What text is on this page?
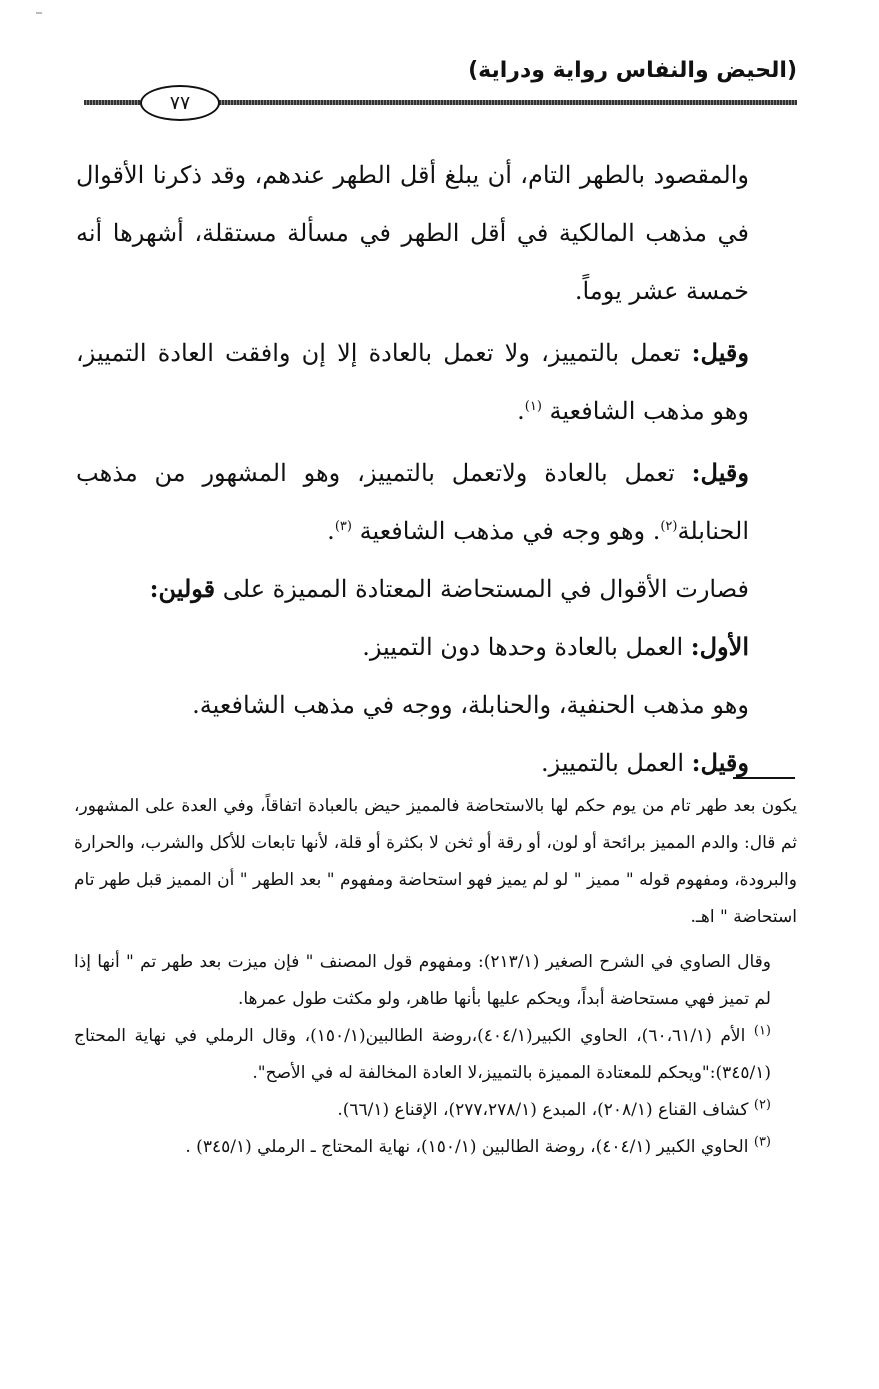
(الحيض والنفاس رواية ودراية)
٧٧

والمقصود بالطهر التام، أن يبلغ أقل الطهر عندهم، وقد ذكرنا الأقوال في مذهب المالكية في أقل الطهر في مسألة مستقلة، أشهرها أنه خمسة عشر يوماً.

وقيل: تعمل بالتمييز، ولا تعمل بالعادة إلا إن وافقت العادة التمييز، وهو مذهب الشافعية $^{(١)}$.

وقيل: تعمل بالعادة ولاتعمل بالتمييز، وهو المشهور من مذهب الحنابلة$^{(٢)}$. وهو وجه في مذهب الشافعية $^{(٣)}$.

فصارت الأقوال في المستحاضة المعتادة المميزة على قولين:

الأول: العمل بالعادة وحدها دون التمييز.

وهو مذهب الحنفية، والحنابلة، ووجه في مذهب الشافعية.

وقيل: العمل بالتمييز.

يكون بعد طهر تام من يوم حكم لها بالاستحاضة فالمميز حيض بالعبادة اتفاقاً، وفي العدة على المشهور، ثم قال: والدم المميز برائحة أو لون، أو رقة أو ثخن لا بكثرة أو قلة، لأنها تابعات للأكل والشرب، والحرارة والبرودة، ومفهوم قوله " مميز " لو لم يميز فهو استحاضة ومفهوم " بعد الطهر " أن المميز قبل طهر تام استحاضة " اهـ.

وقال الصاوي في الشرح الصغير (٢١٣/١): ومفهوم قول المصنف " فإن ميزت بعد طهر تم " أنها إذا لم تميز فهي مستحاضة أبداً، ويحكم عليها بأنها طاهر، ولو مكثت طول عمرها.

$^{(١)}$ الأم (٦٠،٦١/١)، الحاوي الكبير(٤٠٤/١)،روضة الطالبين(١٥٠/١)، وقال الرملي في نهاية المحتاج (٣٤٥/١):"ويحكم للمعتادة المميزة بالتمييز،لا العادة المخالفة له في الأصح".

$^{(٢)}$ كشاف القناع (٢٠٨/١)، المبدع (٢٧٧،٢٧٨/١)، الإقناع (٦٦/١).

$^{(٣)}$ الحاوي الكبير (٤٠٤/١)، روضة الطالبين (١٥٠/١)، نهاية المحتاج ـ الرملي (٣٤٥/١) .
